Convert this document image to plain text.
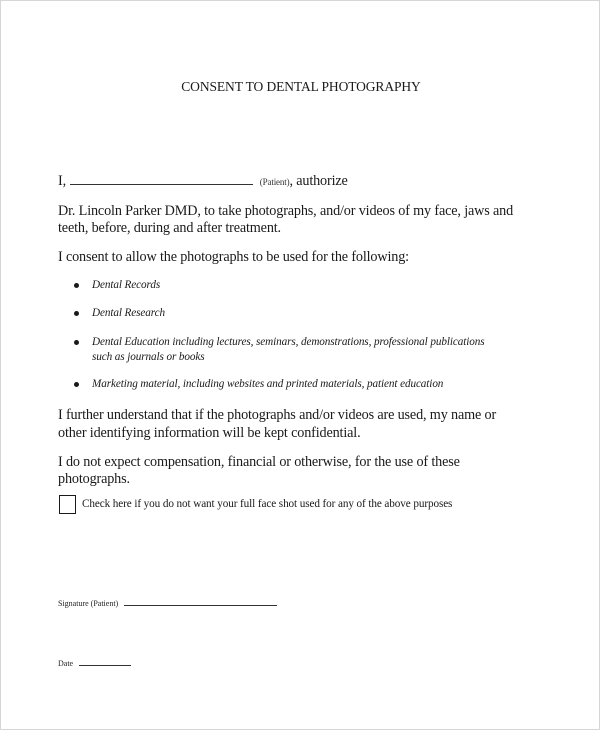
CONSENT TO DENTAL PHOTOGRAPHY
I,	(Patient), authorize
Dr. Lincoln Parker DMD, to take photographs, and/or videos of my face, jaws and
teeth, before, during and after treatment.
I consent to allow the photographs to be used for the following:
Dental Records
Dental Research
Dental Education including lectures, seminars, demonstrations, professional publications
such as journals or books
Marketing material, including websites and printed materials, patient education
I further understand that if the photographs and/or videos are used, my name or
other identifying information will be kept confidential.
I do not expect compensation, financial or otherwise, for the use of these
photographs.
Check here if you do not want your full face shot used for any of the above purposes
Signature (Patient)
Date
